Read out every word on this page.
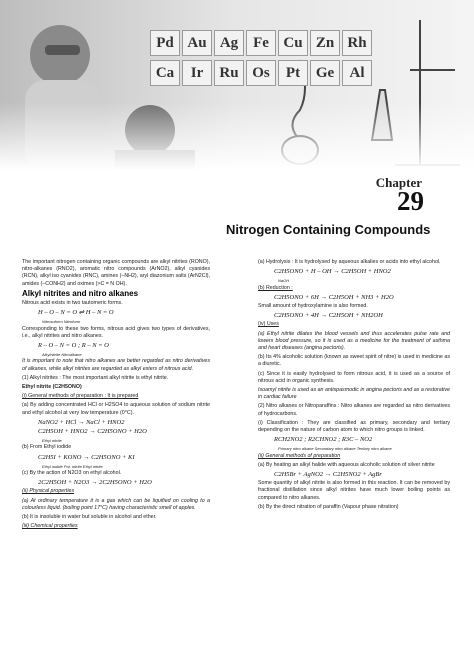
Pd Au Ag Fe Cu Zn Rh
Ca	Ir	Ru Os	Pt	Ge	Al
Chapter
29
Nitrogen Containing Compounds

The important nitrogen containing organic compounds are alkyl nitrites (RONO), nitro-alkanes (RNO2), aromatic nitro compounds (ArNO2), alkyl cyanides (RCN), alkyl iso cyanides (RNC), amines (–NH2), aryl diazonium salts (ArN2Cl), amides (–CONH2) and oximes (>C = N OH).

Alkyl nitrites and nitro alkanes

Nitrous acid exists in two tautomeric forms.

H – O – N = O ⇌ H – N = O
Nitrosoform Nitroform

Corresponding to these two forms, nitrous acid gives two types of derivatives, i.e., alkyl nitrites and nitro alkanes.

R – O – N = O ; R – N = O
Alkylnitrite Nitroalkane

It is important to note that nitro alkanes are better regarded as nitro derivatives of alkanes, while alkyl nitrites are regarded as alkyl esters of nitrous acid.

(1) Alkyl nitrites : The most important alkyl nitrite is ethyl nitrite.

Ethyl nitrite (C2H5ONO)

(i) General methods of preparation : It is prepared

(a) By adding concentrated HCl or H2SO4 to aqueous solution of sodium nitrite and ethyl alcohol at very low temperature (0°C).

NaNO2 + HCl → NaCl + HNO2
C2H5OH + HNO2 → C2H5ONO + H2O
Ethyl nitrite

(b) From Ethyl iodide

C2H5I + KONO → C2H5ONO + KI
Ethyl iodide Pot. nitrite Ethyl nitrite

(c) By the action of N2O3 on ethyl alcohol.

2C2H5OH + N2O3 → 2C2H5ONO + H2O

(ii) Physical properties

(a) At ordinary temperature it is a gas which can be liquified on cooling to a colourless liquid. (boiling point 17°C) having characteristic smell of apples.

(b) It is insoluble in water but soluble in alcohol and ether.

(iii) Chemical properties

(a) Hydrolysis : It is hydrolysed by aqueous alkalies or acids into ethyl alcohol.

C2H5ONO + H – OH → C2H5OH + HNO2
NaOH

(b) Reduction :

C2H5ONO + 6H → C2H5OH + NH3 + H2O

Small amount of hydroxylamine is also formed.

C2H5ONO + 4H → C2H5OH + NH2OH

(iv) Uses

(a) Ethyl nitrite dilates the blood vessels and thus accelerates pulse rate and lowers blood pressure, so it is used as a medicine for the treatment of asthma and heart diseases (angina pectoris).

(b) Its 4% alcoholic solution (known as sweet spirit of nitre) is used in medicine as a diuretic.

(c) Since it is easily hydrolysed to form nitrous acid, it is used as a source of nitrous acid in organic synthesis.

Isoamyl nitrite is used as an antispasmodic in angina pectoris and as a restorative in cardiac failure

(2) Nitro alkanes or Nitroparaffins : Nitro alkanes are regarded as nitro derivatives of hydrocarbons.

(i) Classification : They are classified as primary, secondary and tertiary depending on the nature of carbon atom to which nitro groups is linked.

RCH2NO2 ; R2CHNO2 ; R3C – NO2
Primary nitro alkane Secondary nitro alkane Tertiary nitro alkane

(ii) General methods of preparation

(a) By heating an alkyl halide with aqueous alcoholic solution of silver nitrite

C2H5Br + AgNO2 → C2H5NO2 + AgBr

Some quantity of alkyl nitrite is also formed in this reaction. It can be removed by fractional distillation since alkyl nitrites have much lower boiling points as compared to nitro alkanes.

(b) By the direct nitration of paraffin (Vapour phase nitration)
